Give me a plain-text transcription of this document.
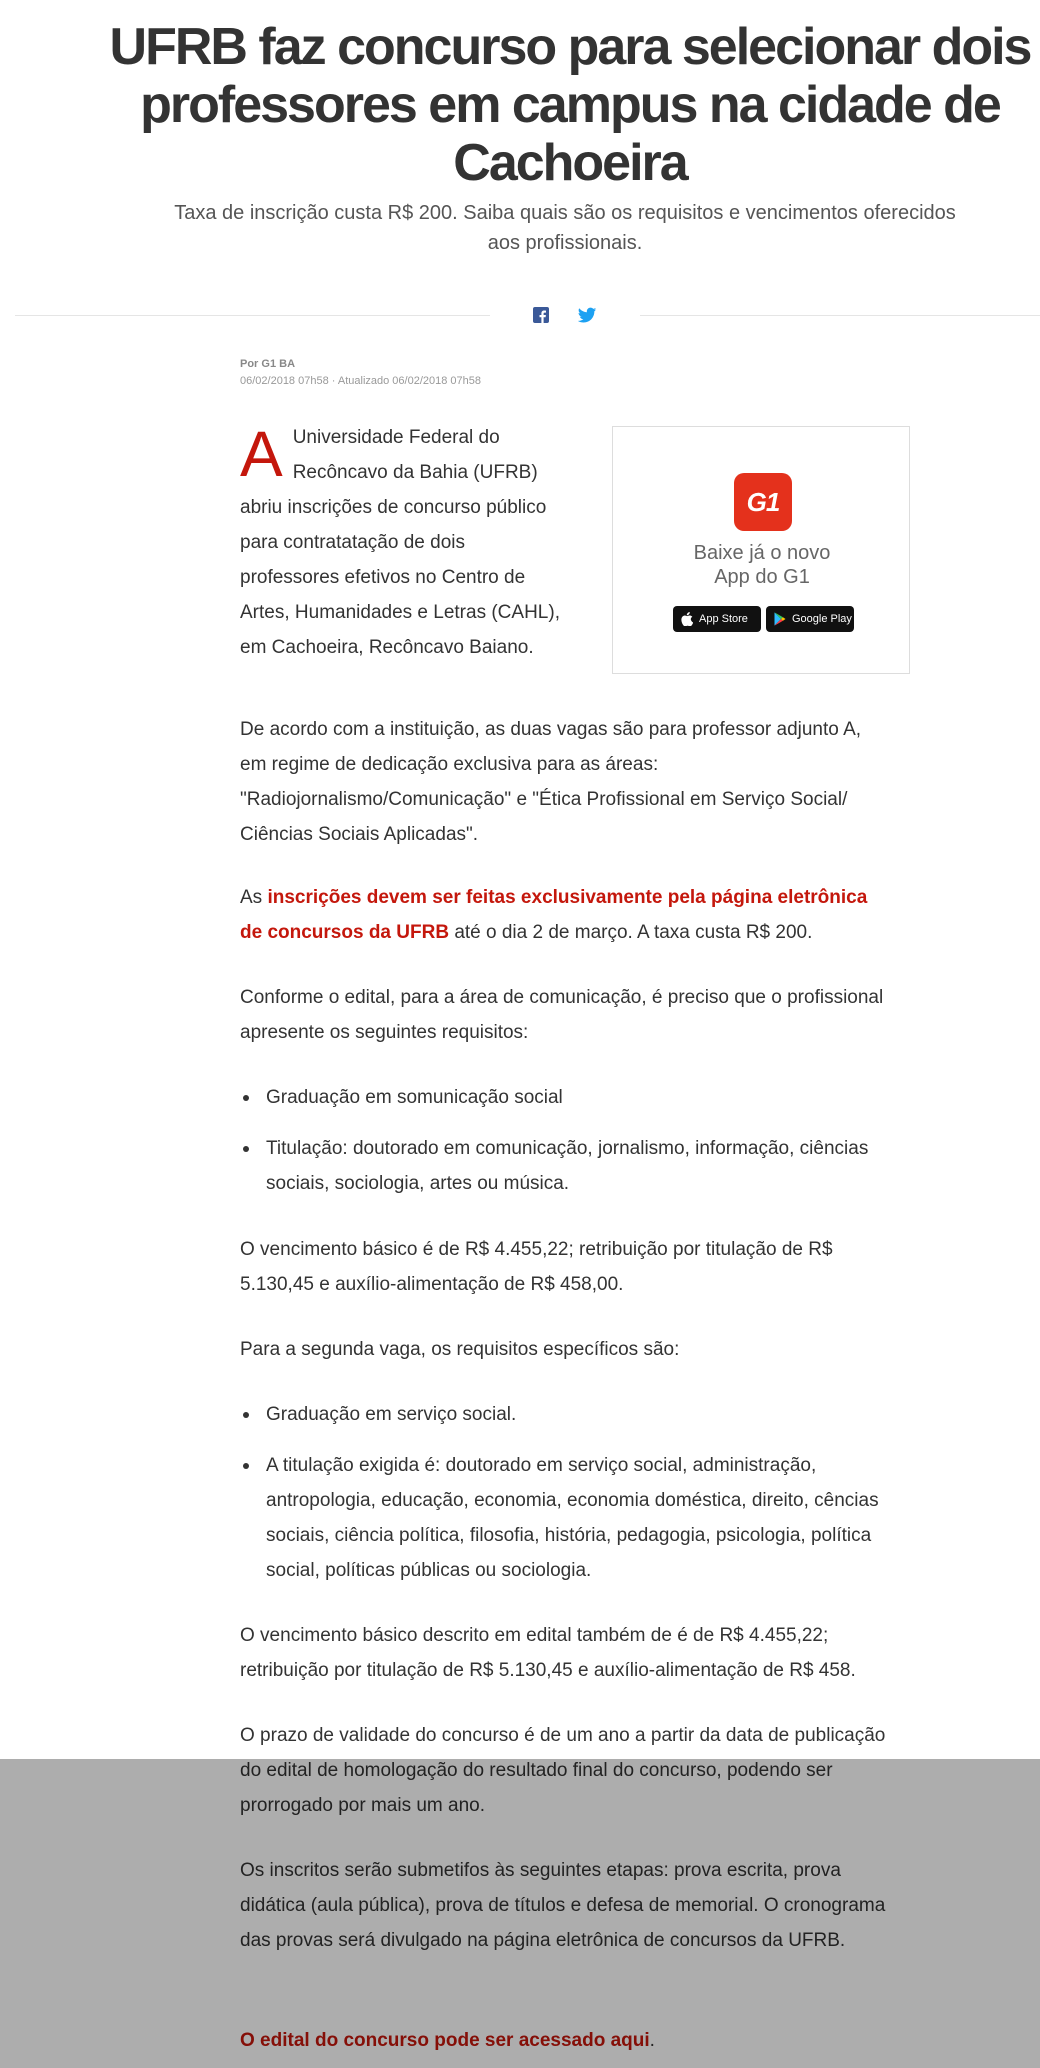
UFRB faz concurso para selecionar dois professores em campus na cidade de Cachoeira

Taxa de inscrição custa R$ 200. Saiba quais são os requisitos e vencimentos oferecidos aos profissionais.

Por G1 BA
06/02/2018 07h58 · Atualizado 06/02/2018 07h58

A Universidade Federal do Recôncavo da Bahia (UFRB) abriu inscrições de concurso público para contratatação de dois professores efetivos no Centro de Artes, Humanidades e Letras (CAHL), em Cachoeira, Recôncavo Baiano.

G1
Baixe já o novo
App do G1
App Store	Google Play

De acordo com a instituição, as duas vagas são para professor adjunto A, em regime de dedicação exclusiva para as áreas: "Radiojornalismo/Comunicação" e "Ética Profissional em Serviço Social/ Ciências Sociais Aplicadas".

As inscrições devem ser feitas exclusivamente pela página eletrônica de concursos da UFRB até o dia 2 de março. A taxa custa R$ 200.

Conforme o edital, para a área de comunicação, é preciso que o profissional apresente os seguintes requisitos:

Graduação em somunicação social
Titulação: doutorado em comunicação, jornalismo, informação, ciências sociais, sociologia, artes ou música.

O vencimento básico é de R$ 4.455,22; retribuição por titulação de R$ 5.130,45 e auxílio-alimentação de R$ 458,00.

Para a segunda vaga, os requisitos específicos são:

Graduação em serviço social.
A titulação exigida é: doutorado em serviço social, administração, antropologia, educação, economia, economia doméstica, direito, cências sociais, ciência política, filosofia, história, pedagogia, psicologia, política social, políticas públicas ou sociologia.

O vencimento básico descrito em edital também de é de R$ 4.455,22; retribuição por titulação de R$ 5.130,45 e auxílio-alimentação de R$ 458.

O prazo de validade do concurso é de um ano a partir da data de publicação do edital de homologação do resultado final do concurso, podendo ser prorrogado por mais um ano.

Os inscritos serão submetifos às seguintes etapas: prova escrita, prova didática (aula pública), prova de títulos e defesa de memorial. O cronograma das provas será divulgado na página eletrônica de concursos da UFRB.

O edital do concurso pode ser acessado aqui.
